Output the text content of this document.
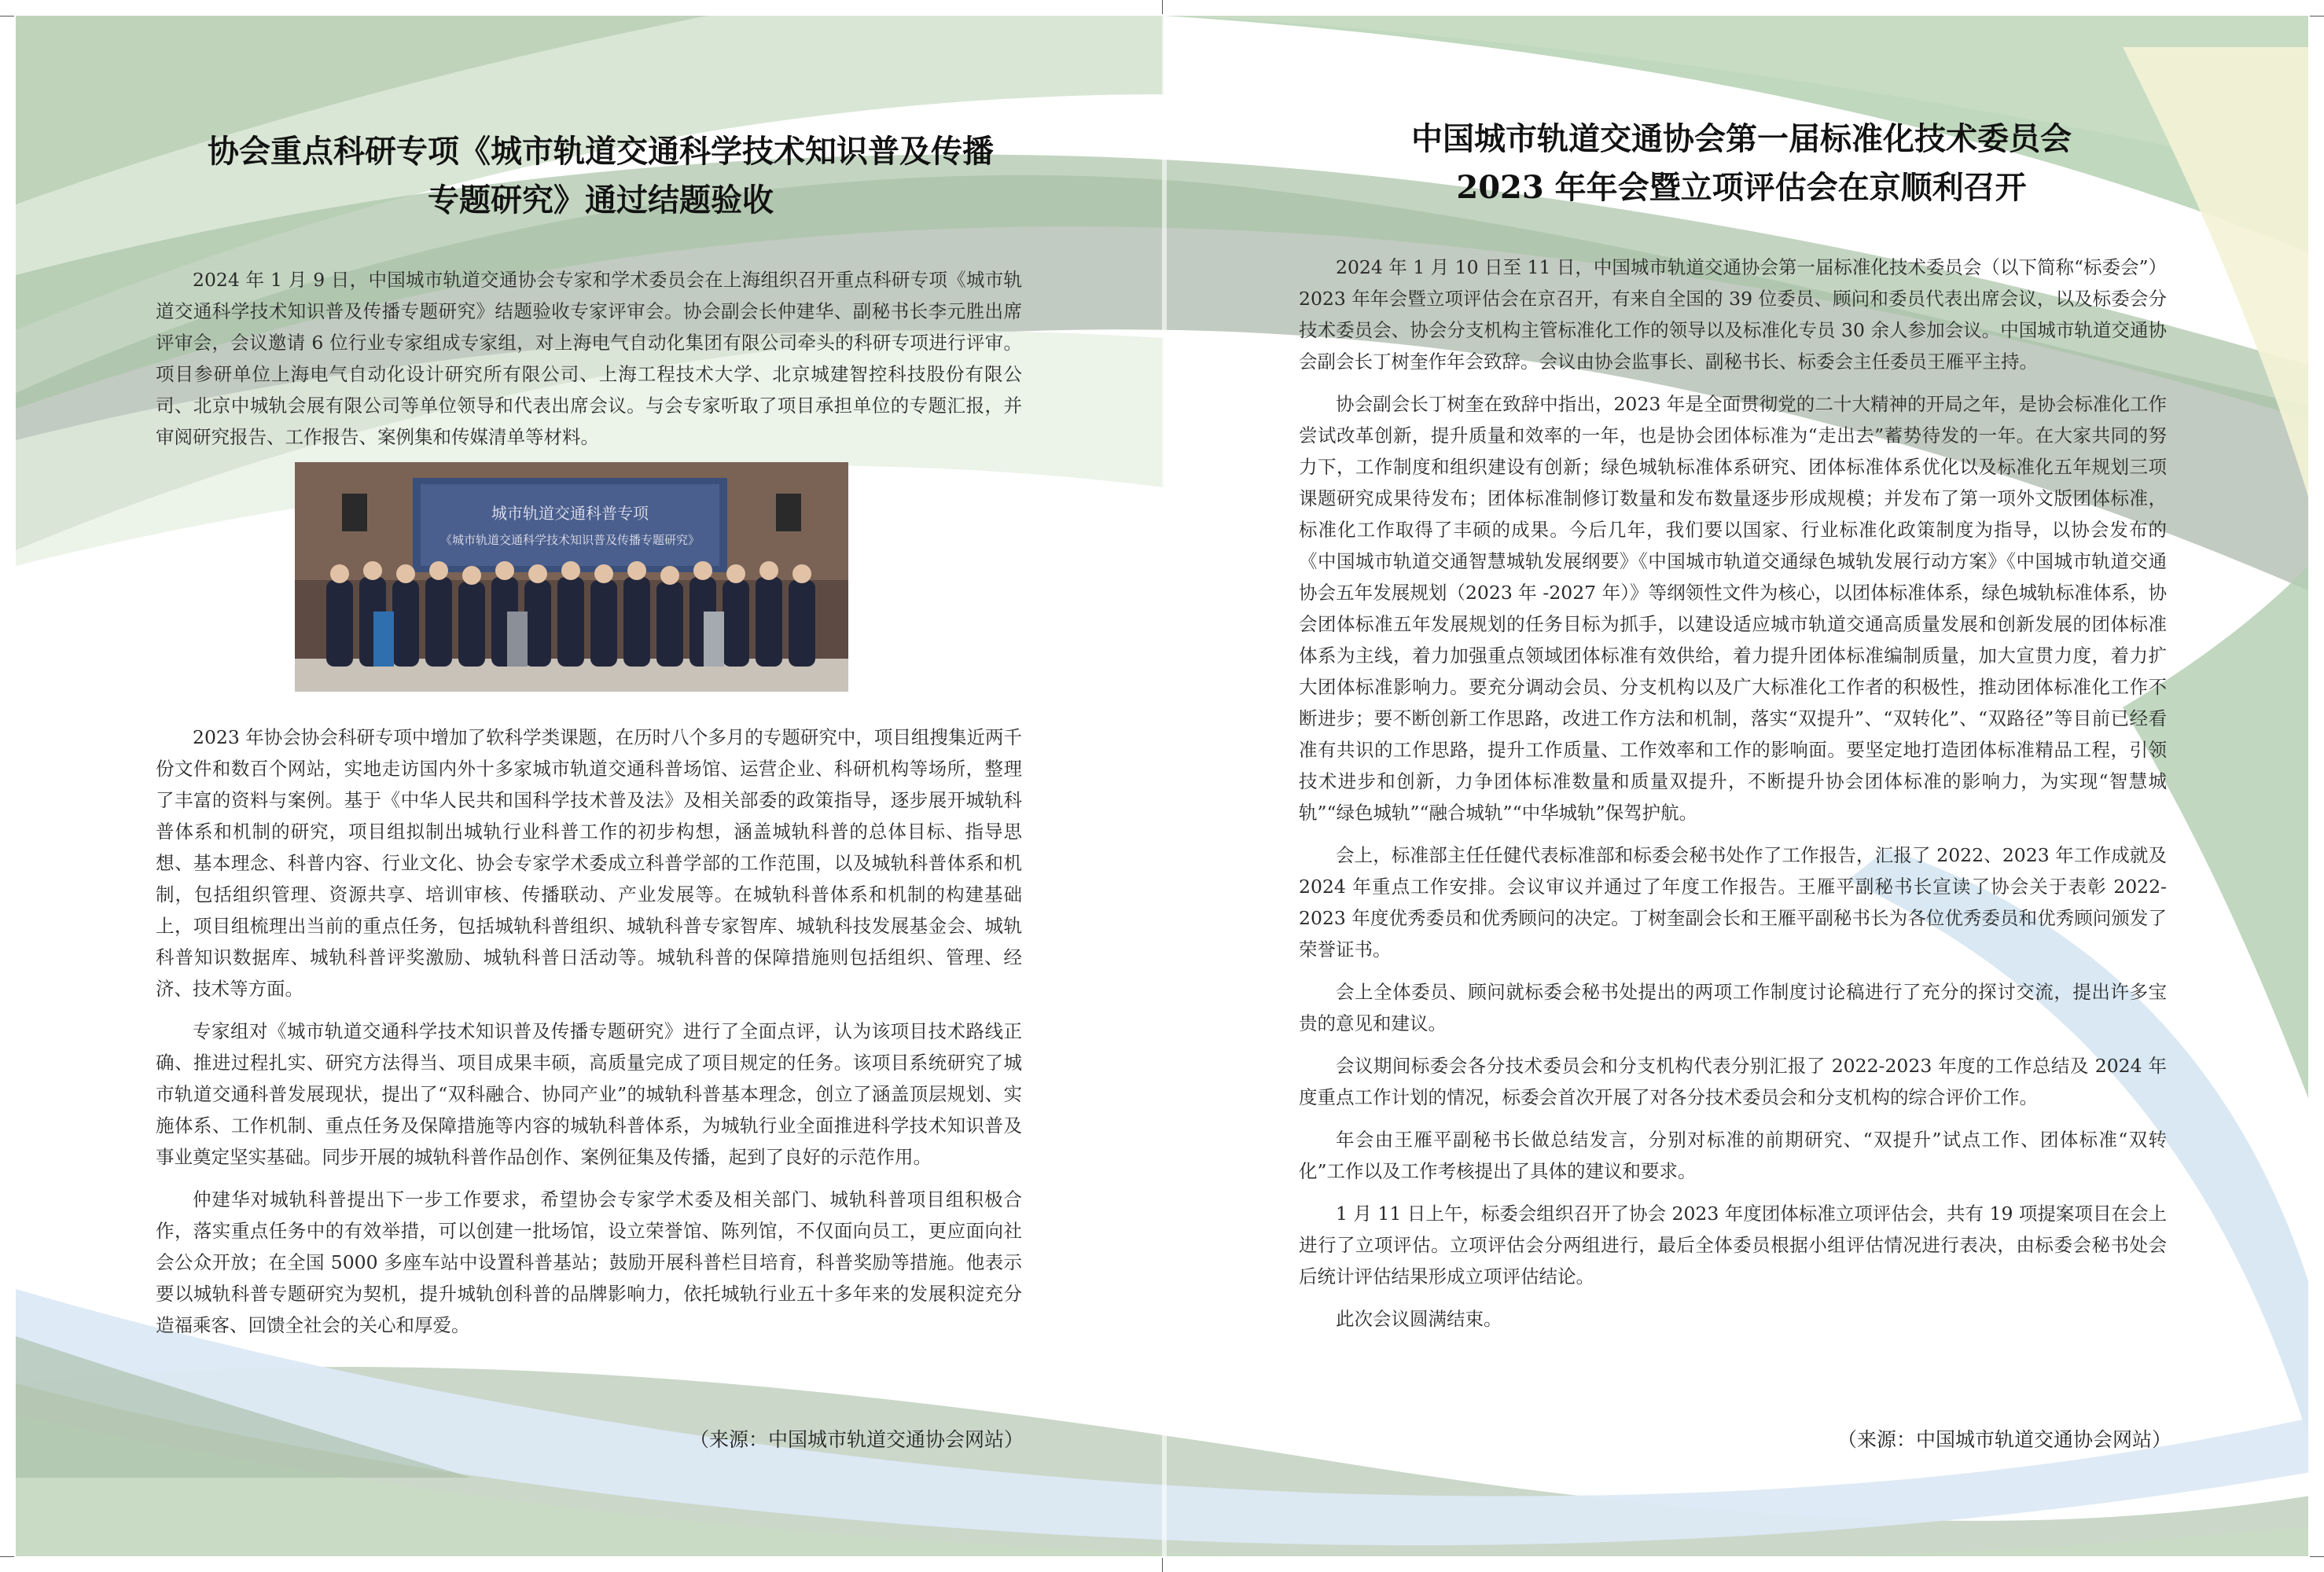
协会重点科研专项《城市轨道交通科学技术知识普及传播
专题研究》通过结题验收

2024 年 1 月 9 日，中国城市轨道交通协会专家和学术委员会在上海组织召开重点科研专项《城市轨道交通科学技术知识普及传播专题研究》结题验收专家评审会。协会副会长仲建华、副秘书长李元胜出席评审会，会议邀请 6 位行业专家组成专家组，对上海电气自动化集团有限公司牵头的科研专项进行评审。项目参研单位上海电气自动化设计研究所有限公司、上海工程技术大学、北京城建智控科技股份有限公司、北京中城轨会展有限公司等单位领导和代表出席会议。与会专家听取了项目承担单位的专题汇报，并审阅研究报告、工作报告、案例集和传媒清单等材料。

城市轨道交通科普专项
《城市轨道交通科学技术知识普及传播专题研究》

2023 年协会协会科研专项中增加了软科学类课题，在历时八个多月的专题研究中，项目组搜集近两千份文件和数百个网站，实地走访国内外十多家城市轨道交通科普场馆、运营企业、科研机构等场所，整理了丰富的资料与案例。基于《中华人民共和国科学技术普及法》及相关部委的政策指导，逐步展开城轨科普体系和机制的研究，项目组拟制出城轨行业科普工作的初步构想，涵盖城轨科普的总体目标、指导思想、基本理念、科普内容、行业文化、协会专家学术委成立科普学部的工作范围，以及城轨科普体系和机制，包括组织管理、资源共享、培训审核、传播联动、产业发展等。在城轨科普体系和机制的构建基础上，项目组梳理出当前的重点任务，包括城轨科普组织、城轨科普专家智库、城轨科技发展基金会、城轨科普知识数据库、城轨科普评奖激励、城轨科普日活动等。城轨科普的保障措施则包括组织、管理、经济、技术等方面。

专家组对《城市轨道交通科学技术知识普及传播专题研究》进行了全面点评，认为该项目技术路线正确、推进过程扎实、研究方法得当、项目成果丰硕，高质量完成了项目规定的任务。该项目系统研究了城市轨道交通科普发展现状，提出了“双科融合、协同产业”的城轨科普基本理念，创立了涵盖顶层规划、实施体系、工作机制、重点任务及保障措施等内容的城轨科普体系，为城轨行业全面推进科学技术知识普及事业奠定坚实基础。同步开展的城轨科普作品创作、案例征集及传播，起到了良好的示范作用。

仲建华对城轨科普提出下一步工作要求，希望协会专家学术委及相关部门、城轨科普项目组积极合作，落实重点任务中的有效举措，可以创建一批场馆，设立荣誉馆、陈列馆，不仅面向员工，更应面向社会公众开放；在全国 5000 多座车站中设置科普基站；鼓励开展科普栏目培育，科普奖励等措施。他表示要以城轨科普专题研究为契机，提升城轨创科普的品牌影响力，依托城轨行业五十多年来的发展积淀充分造福乘客、回馈全社会的关心和厚爱。

（来源：中国城市轨道交通协会网站）
中国城市轨道交通协会第一届标准化技术委员会
2023 年年会暨立项评估会在京顺利召开

2024 年 1 月 10 日至 11 日，中国城市轨道交通协会第一届标准化技术委员会（以下简称“标委会”）2023 年年会暨立项评估会在京召开，有来自全国的 39 位委员、顾问和委员代表出席会议，以及标委会分技术委员会、协会分支机构主管标准化工作的领导以及标准化专员 30 余人参加会议。中国城市轨道交通协会副会长丁树奎作年会致辞。会议由协会监事长、副秘书长、标委会主任委员王雁平主持。

协会副会长丁树奎在致辞中指出，2023 年是全面贯彻党的二十大精神的开局之年，是协会标准化工作尝试改革创新，提升质量和效率的一年，也是协会团体标准为“走出去”蓄势待发的一年。在大家共同的努力下，工作制度和组织建设有创新；绿色城轨标准体系研究、团体标准体系优化以及标准化五年规划三项课题研究成果待发布；团体标准制修订数量和发布数量逐步形成规模；并发布了第一项外文版团体标准，标准化工作取得了丰硕的成果。今后几年，我们要以国家、行业标准化政策制度为指导，以协会发布的《中国城市轨道交通智慧城轨发展纲要》《中国城市轨道交通绿色城轨发展行动方案》《中国城市轨道交通协会五年发展规划（2023 年 -2027 年）》等纲领性文件为核心，以团体标准体系，绿色城轨标准体系，协会团体标准五年发展规划的任务目标为抓手，以建设适应城市轨道交通高质量发展和创新发展的团体标准体系为主线，着力加强重点领域团体标准有效供给，着力提升团体标准编制质量，加大宣贯力度，着力扩大团体标准影响力。要充分调动会员、分支机构以及广大标准化工作者的积极性，推动团体标准化工作不断进步；要不断创新工作思路，改进工作方法和机制，落实“双提升”、“双转化”、“双路径”等目前已经看准有共识的工作思路，提升工作质量、工作效率和工作的影响面。要坚定地打造团体标准精品工程，引领技术进步和创新，力争团体标准数量和质量双提升，不断提升协会团体标准的影响力，为实现“智慧城轨”“绿色城轨”“融合城轨”“中华城轨”保驾护航。

会上，标准部主任任健代表标准部和标委会秘书处作了工作报告，汇报了 2022、2023 年工作成就及 2024 年重点工作安排。会议审议并通过了年度工作报告。王雁平副秘书长宣读了协会关于表彰 2022-2023 年度优秀委员和优秀顾问的决定。丁树奎副会长和王雁平副秘书长为各位优秀委员和优秀顾问颁发了荣誉证书。

会上全体委员、顾问就标委会秘书处提出的两项工作制度讨论稿进行了充分的探讨交流，提出许多宝贵的意见和建议。

会议期间标委会各分技术委员会和分支机构代表分别汇报了 2022-2023 年度的工作总结及 2024 年度重点工作计划的情况，标委会首次开展了对各分技术委员会和分支机构的综合评价工作。

年会由王雁平副秘书长做总结发言，分别对标准的前期研究、“双提升”试点工作、团体标准“双转化”工作以及工作考核提出了具体的建议和要求。

1 月 11 日上午，标委会组织召开了协会 2023 年度团体标准立项评估会，共有 19 项提案项目在会上进行了立项评估。立项评估会分两组进行，最后全体委员根据小组评估情况进行表决，由标委会秘书处会后统计评估结果形成立项评估结论。

此次会议圆满结束。

（来源：中国城市轨道交通协会网站）
